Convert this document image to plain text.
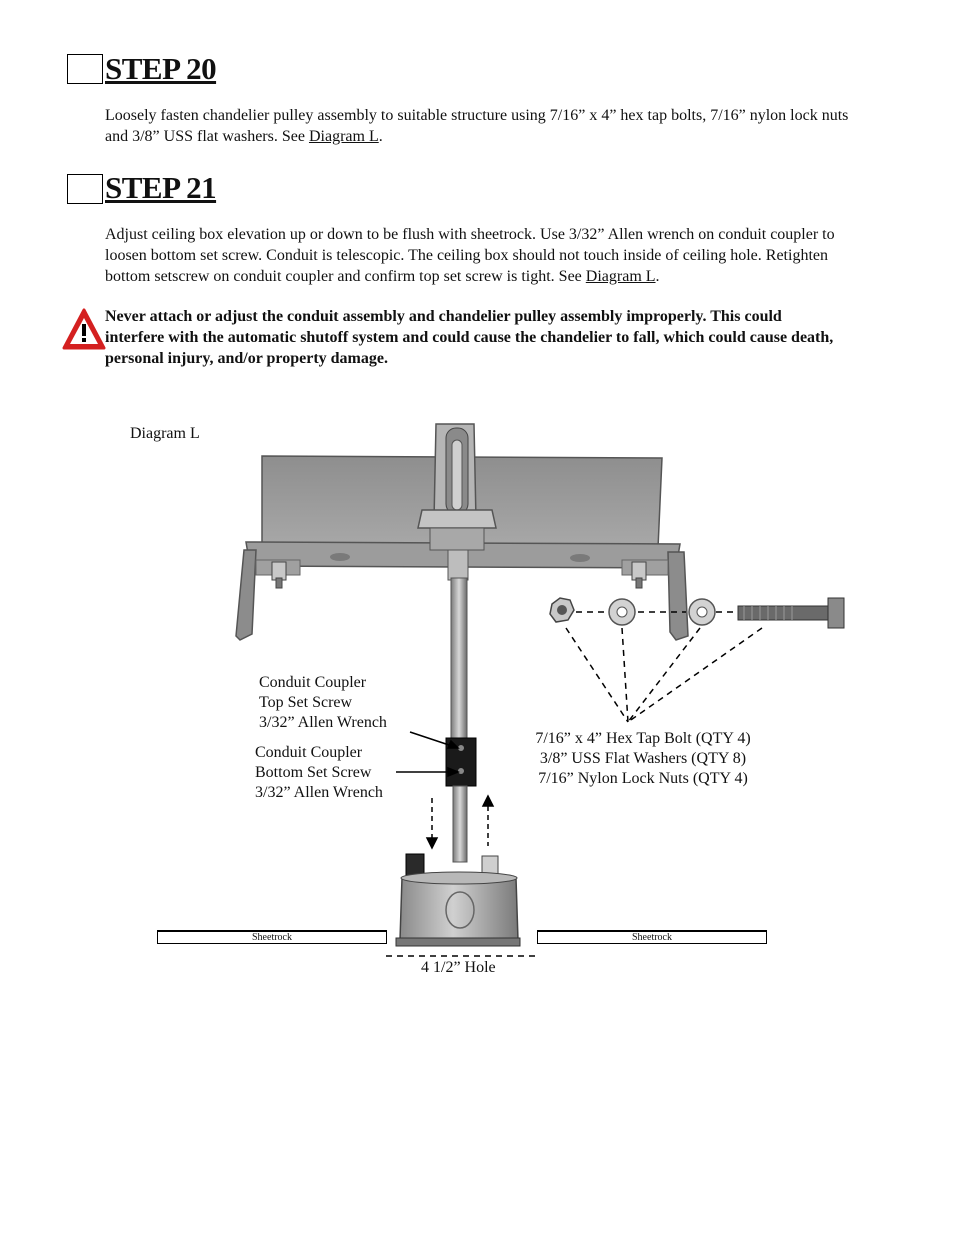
STEP 20
Loosely fasten chandelier pulley assembly to suitable structure using 7/16” x 4” hex tap bolts, 7/16” nylon lock nuts and 3/8” USS flat washers. See Diagram L.
STEP 21
Adjust ceiling box elevation up or down to be flush with sheetrock. Use 3/32” Allen wrench on conduit coupler to loosen bottom set screw. Conduit is telescopic. The ceiling box should not touch inside of ceiling hole. Retighten bottom setscrew on conduit coupler and confirm top set screw is tight. See Diagram L.
Never attach or adjust the conduit assembly and chandelier pulley assembly improperly. This could interfere with the automatic shutoff system and could cause the chandelier to fall, which could cause death, personal injury, and/or property damage.
Diagram L
Conduit Coupler
Top Set Screw
3/32” Allen Wrench
Conduit Coupler
Bottom Set Screw
3/32” Allen Wrench
7/16” x 4” Hex Tap Bolt (QTY 4)
3/8” USS Flat Washers (QTY 8)
7/16” Nylon Lock Nuts (QTY 4)
Sheetrock	Sheetrock
4 1/2” Hole
